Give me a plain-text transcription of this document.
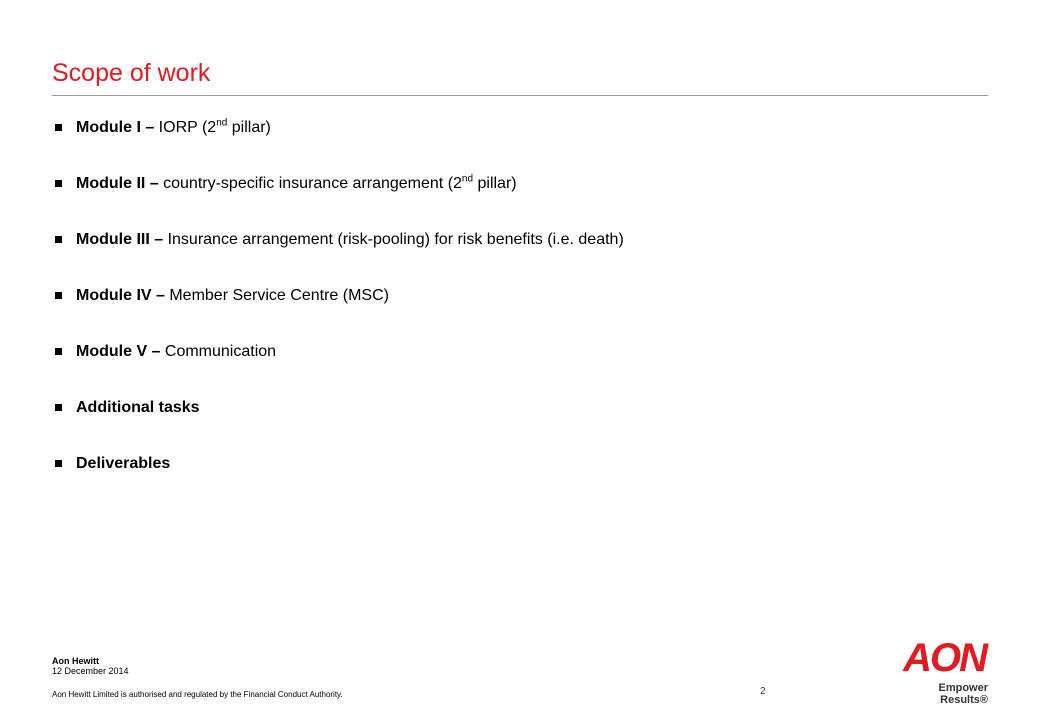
Scope of work
Module I – IORP (2nd pillar)
Module II – country-specific insurance arrangement (2nd pillar)
Module III – Insurance arrangement (risk-pooling) for risk benefits (i.e. death)
Module IV – Member Service Centre (MSC)
Module V – Communication
Additional tasks
Deliverables
Aon Hewitt
12 December 2014
Aon Hewitt Limited is authorised and regulated by the Financial Conduct Authority.	2
AON
Empower Results®
